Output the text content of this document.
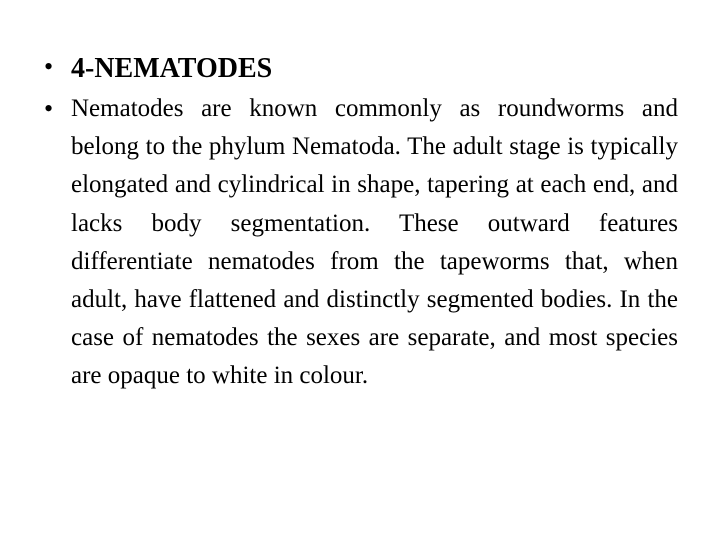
• 4-NEMATODES
• Nematodes are known commonly as roundworms and belong to the phylum Nematoda. The adult stage is typically elongated and cylindrical in shape, tapering at each end, and lacks body segmentation. These outward features differentiate nematodes from the tapeworms that, when adult, have flattened and distinctly segmented bodies. In the case of nematodes the sexes are separate, and most species are opaque to white in colour.
